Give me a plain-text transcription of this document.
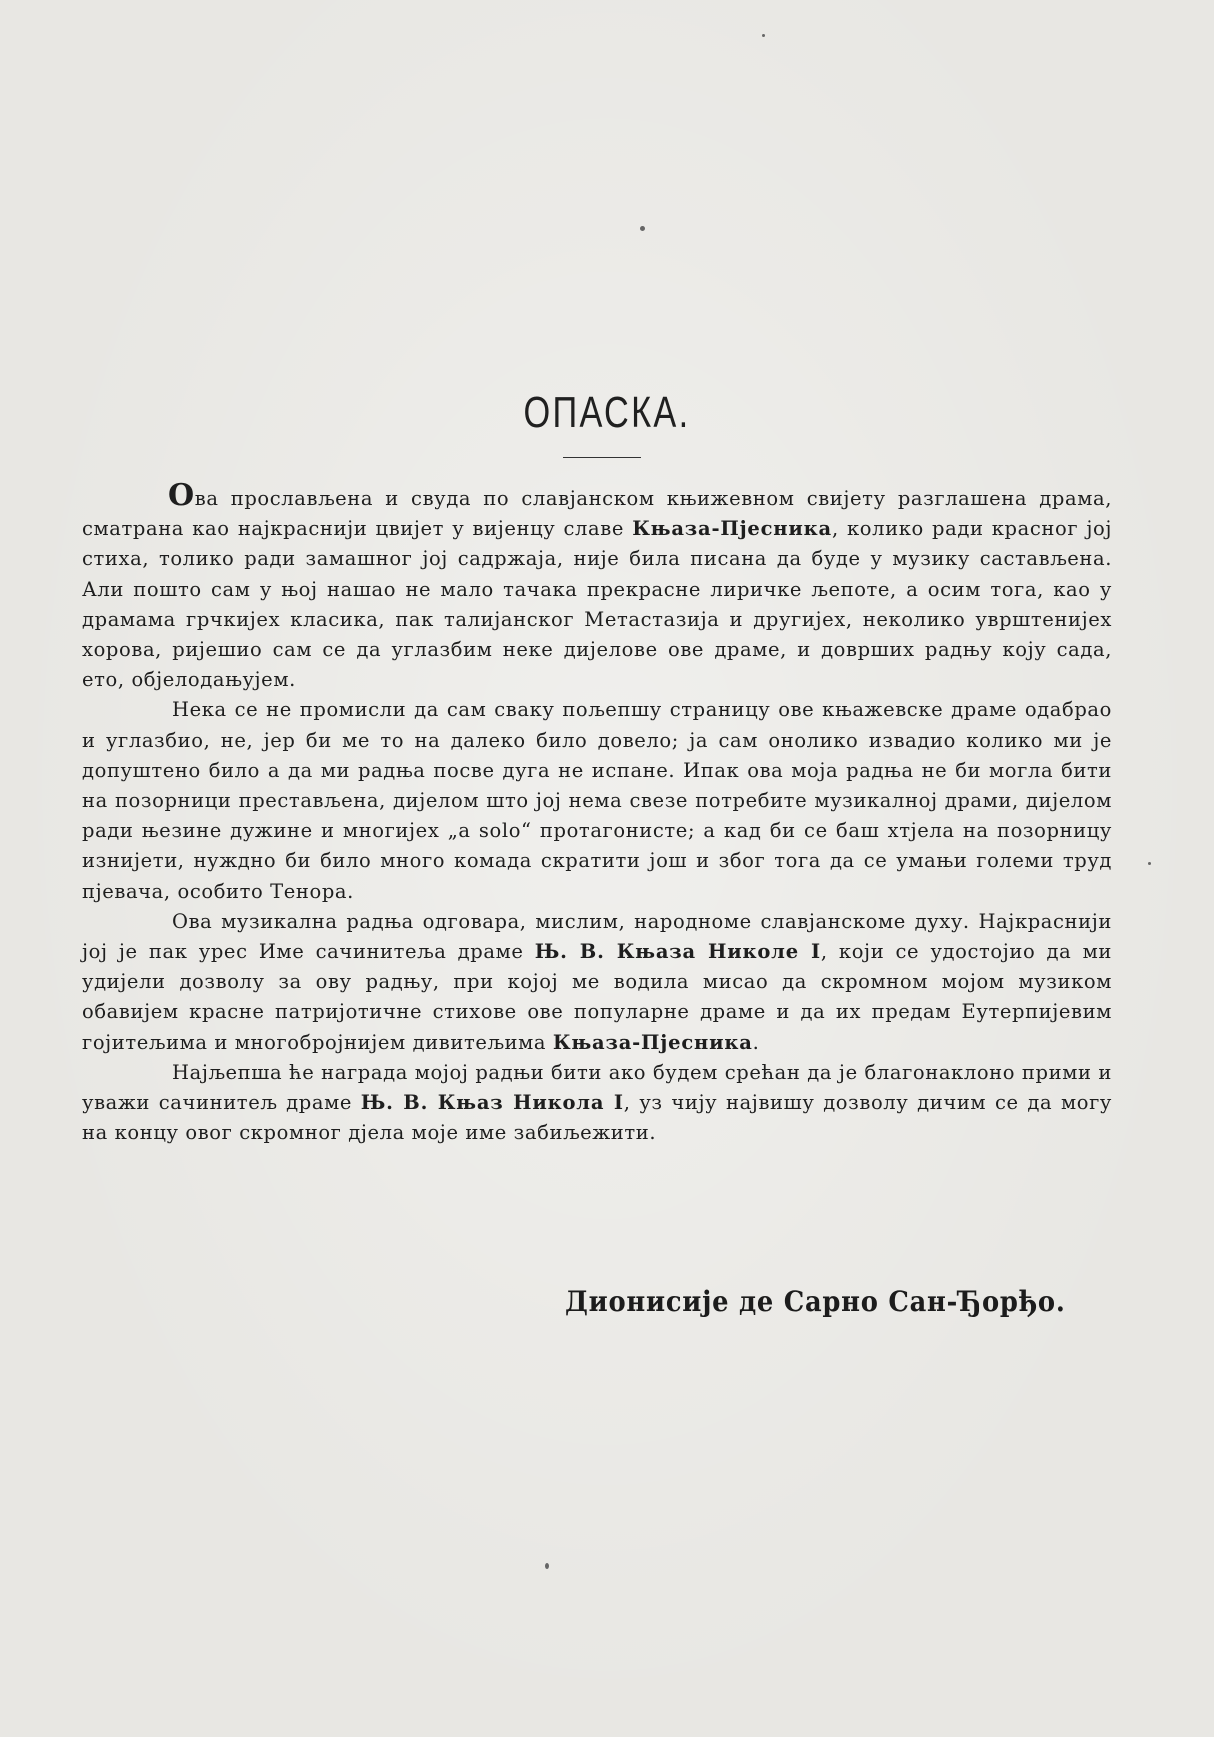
ОПАСКА.

Ова прослављена и свуда по славјанском књижевном свијету разглашена драма, сматрана као најкраснији цвијет у вијенцу славе Књаза-Пјесника, колико ради красног јој стиха, толико ради замашног јој садржаја, није била писана да буде у музику састављена. Али пошто сам у њој нашао не мало тачака прекрасне лиричке љепоте, а осим тога, као у драмама грчкијех класика, пак талијанског Метастазија и другијех, неколико уврштенијех хорова, ријешио сам се да углазбим неке дијелове ове драме, и довршиx радњу коју сада, ето, објелодањујем.

Нека се не промисли да сам сваку пољепшу страницу ове књажевске драме одабрао и углазбио, не, јер би ме то на далеко било довело; ја сам онолико извадио колико ми је допуштено било а да ми радња посве дуга не испане. Ипак ова моја радња не би могла бити на позорници престављена, дијелом што јој нема свезе потребите музикалној драми, дијелом ради њезине дужине и многијех „а solo“ протагонисте; а кад би се баш хтјела на позорницу изнијети, нуждно би било много комада скратити још и због тога да се умањи големи труд пјевача, особито Тенора.

Ова музикална радња одговара, мислим, народноме славјанскоме духу. Најкраснији јој је пак урес Име сачинитеља драме Њ. В. Књаза Николе I, који се удостојио да ми удијели дозволу за ову радњу, при којој ме водила мисао да скромном мојом музиком обавијем красне патријотичне стихове ове популарне драме и да их предам Еутерпијевим гојитељима и многобројнијем дивитељима Књаза-Пјесника.

Најљепша ће награда мојој радњи бити ако будем срећан да је благонаклоно прими и уважи сачинитељ драме Њ. В. Књаз Никола I, уз чију највишу дозволу дичим се да могу на концу овог скромног дјела моје име забиљежити.

Дионисије де Сарно Сан-Ђорђо.
